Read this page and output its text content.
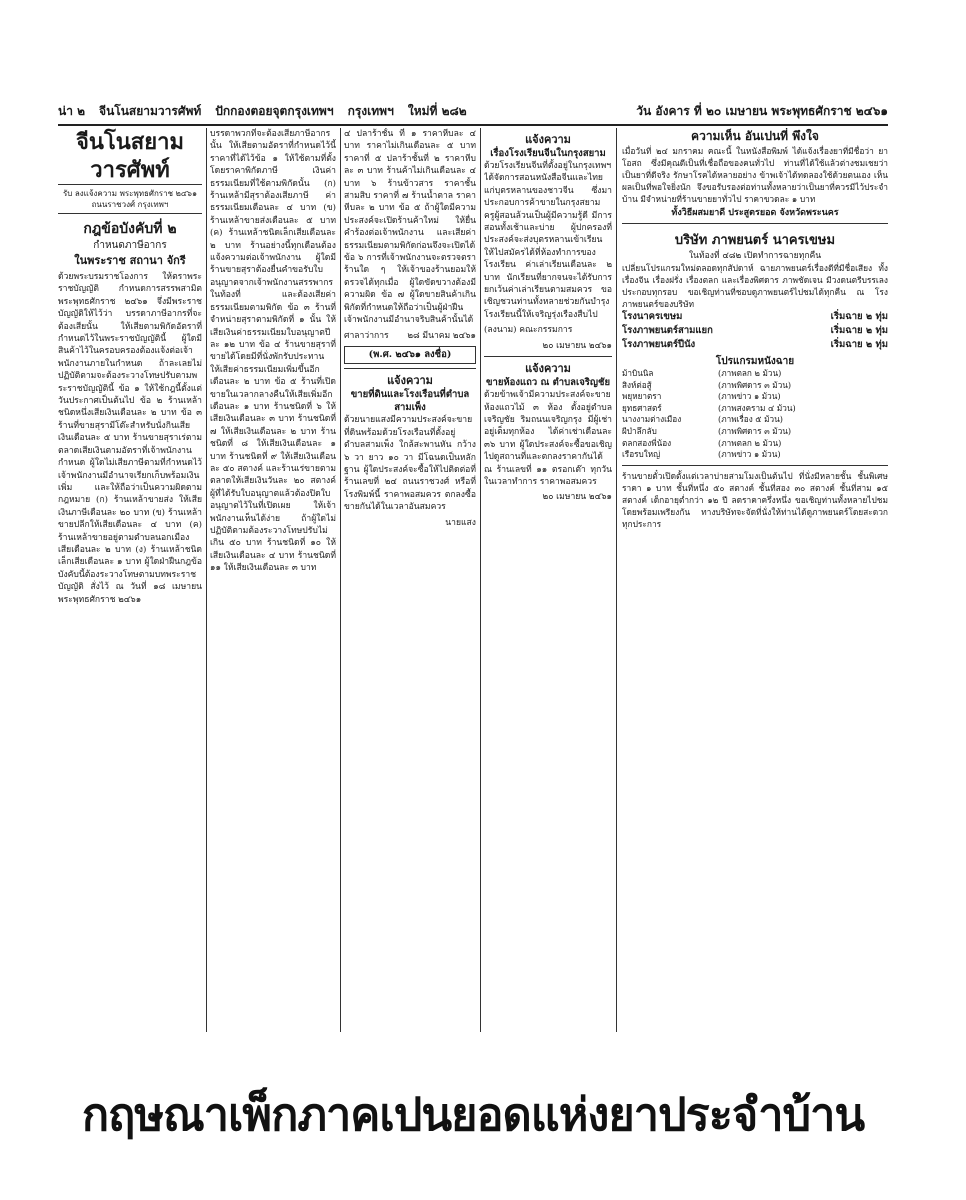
น่า ๒ จีนโนสยามวารศัพท์ ปักกองตอยจุตกรุงเทพฯ กรุงเทพฯ ใหม่ที่ ๒๘๒	วัน อังคาร ที่ ๒๐ เมษายน พระพุทธศักราช ๒๔๖๑
จีนโนสยามวารศัพท์
รับ ลงแจ้งความ พระพุทธศักราช ๒๔๖๑ ถนนราชวงศ์ กรุงเทพฯ
กฎข้อบังคับที่ ๒
กำหนดภาษีอากร
ในพระราช สถานา จักรี
ด้วยพระบรมราชโองการ ให้ตราพระราชบัญญัติ กำหนดการสรรพสามิต พระพุทธศักราช ๒๔๖๑ จึ่งมีพระราชบัญญัติให้ไว้ว่า บรรดาภาษีอากรที่จะต้องเสียนั้น ให้เสียตามพิกัดอัตราที่กำหนดไว้ในพระราชบัญญัตินี้ ผู้ใดมีสินค้าไว้ในครอบครองต้องแจ้งต่อเจ้าพนักงานภายในกำหนด ถ้าละเลยไม่ปฏิบัติตามจะต้องระวางโทษปรับตามพระราชบัญญัตินี้ ข้อ ๑ ให้ใช้กฎนี้ตั้งแต่วันประกาศเป็นต้นไป ข้อ ๒ ร้านเหล้าชนิดหนึ่งเสียเงินเดือนละ ๒ บาท ข้อ ๓ ร้านที่ขายสุรามีโต๊ะสำหรับนั่งกินเสียเงินเดือนละ ๕ บาท ร้านขายสุราเร่ตามตลาดเสียเงินตามอัตราที่เจ้าพนักงานกำหนด ผู้ใดไม่เสียภาษีตามที่กำหนดไว้ เจ้าพนักงานมีอำนาจเรียกเก็บพร้อมเงินเพิ่ม และให้ถือว่าเป็นความผิดตามกฎหมาย (ก) ร้านเหล้าขายส่ง ให้เสียเงินภาษีเดือนละ ๒๐ บาท (ข) ร้านเหล้าขายปลีกให้เสียเดือนละ ๔ บาท (ค) ร้านเหล้าขายอยู่ตามตำบลนอกเมืองเสียเดือนละ ๒ บาท (ง) ร้านเหล้าชนิดเล็กเสียเดือนละ ๑ บาท ผู้ใดฝ่าฝืนกฎข้อบังคับนี้ต้องระวางโทษตามบทพระราชบัญญัติ สั่งไว้ ณ วันที่ ๑๘ เมษายน พระพุทธศักราช ๒๔๖๑
บรรดาพวกที่จะต้องเสียภาษีอากรนั้น ให้เสียตามอัตราที่กำหนดไว้นี้ ราคาที่ได้ไว้ข้อ ๑ ให้ใช้ตามที่ตั้ง โดยราคาพิกัดภาษี เงินค่าธรรมเนียมที่ใช้ตามพิกัดนั้น (ก) ร้านเหล้ามีสุราต้องเสียภาษี ค่าธรรมเนียมเดือนละ ๔ บาท (ข) ร้านเหล้าขายส่งเดือนละ ๕ บาท (ค) ร้านเหล้าชนิดเล็กเสียเดือนละ ๒ บาท ร้านอย่างนี้ทุกเดือนต้องแจ้งความต่อเจ้าพนักงาน ผู้ใดมีร้านขายสุราต้องยื่นคำขอรับใบอนุญาตจากเจ้าพนักงานสรรพากรในท้องที่ และต้องเสียค่าธรรมเนียมตามพิกัด ข้อ ๓ ร้านที่จำหน่ายสุราตามพิกัดที่ ๑ นั้น ให้เสียเงินค่าธรรมเนียมใบอนุญาตปีละ ๑๒ บาท ข้อ ๔ ร้านขายสุราที่ขายได้โดยมีที่นั่งพักรับประทาน ให้เสียค่าธรรมเนียมเพิ่มขึ้นอีกเดือนละ ๒ บาท ข้อ ๕ ร้านที่เปิดขายในเวลากลางคืนให้เสียเพิ่มอีกเดือนละ ๑ บาท ร้านชนิดที่ ๖ ให้เสียเงินเดือนละ ๓ บาท ร้านชนิดที่ ๗ ให้เสียเงินเดือนละ ๒ บาท ร้านชนิดที่ ๘ ให้เสียเงินเดือนละ ๑ บาท ร้านชนิดที่ ๙ ให้เสียเงินเดือนละ ๕๐ สตางค์ และร้านเร่ขายตามตลาดให้เสียเงินวันละ ๒๐ สตางค์ ผู้ที่ได้รับใบอนุญาตแล้วต้องปิดใบอนุญาตไว้ในที่เปิดเผย ให้เจ้าพนักงานเห็นได้ง่าย ถ้าผู้ใดไม่ปฏิบัติตามต้องระวางโทษปรับไม่เกิน ๕๐ บาท ร้านชนิดที่ ๑๐ ให้เสียเงินเดือนละ ๔ บาท ร้านชนิดที่ ๑๑ ให้เสียเงินเดือนละ ๓ บาท
๔ ปลาร้าชั้น ที่ ๑ ราคาหีบละ ๔ บาท ราคาไม่เกินเดือนละ ๕ บาท ราคาที่ ๕ ปลาร้าชั้นที่ ๒ ราคาหีบละ ๓ บาท ร้านค้าไม่เกินเดือนละ ๔ บาท ๖ ร้านข้าวสาร ราคาชั้นสามสิบ ราคาที่ ๗ ร้านน้ำตาล ราคาหีบละ ๒ บาท ข้อ ๕ ถ้าผู้ใดมีความประสงค์จะเปิดร้านค้าใหม่ ให้ยื่นคำร้องต่อเจ้าพนักงาน และเสียค่าธรรมเนียมตามพิกัดก่อนจึงจะเปิดได้ ข้อ ๖ การที่เจ้าพนักงานจะตรวจตราร้านใด ๆ ให้เจ้าของร้านยอมให้ตรวจได้ทุกเมื่อ ผู้ใดขัดขวางต้องมีความผิด ข้อ ๗ ผู้ใดขายสินค้าเกินพิกัดที่กำหนดให้ถือว่าเป็นผู้ฝ่าฝืน เจ้าพนักงานมีอำนาจริบสินค้านั้นได้
ศาลาว่าการ ๒๘ มีนาคม ๒๔๖๑
(พ.ศ. ๒๔๖๑ ลงชื่อ)
แจ้งความ
ขายที่ดินและโรงเรือนที่ตำบลสามเพ็ง
ด้วยนายแสงมีความประสงค์จะขายที่ดินพร้อมด้วยโรงเรือนที่ตั้งอยู่ตำบลสามเพ็ง ใกล้สะพานหัน กว้าง ๖ วา ยาว ๑๐ วา มีโฉนดเป็นหลักฐาน ผู้ใดประสงค์จะซื้อให้ไปติดต่อที่ร้านเลขที่ ๒๔ ถนนราชวงศ์ หรือที่โรงพิมพ์นี้ ราคาพอสมควร ตกลงซื้อขายกันได้ในเวลาอันสมควร
นายแสง
แจ้งความ
เรื่องโรงเรียนจีนในกรุงสยาม
ด้วยโรงเรียนจีนที่ตั้งอยู่ในกรุงเทพฯ ได้จัดการสอนหนังสือจีนและไทยแก่บุตรหลานของชาวจีน ซึ่งมาประกอบการค้าขายในกรุงสยาม ครูผู้สอนล้วนเป็นผู้มีความรู้ดี มีการสอนทั้งเช้าและบ่าย ผู้ปกครองที่ประสงค์จะส่งบุตรหลานเข้าเรียนให้ไปสมัครได้ที่ห้องทำการของโรงเรียน ค่าเล่าเรียนเดือนละ ๒ บาท นักเรียนที่ยากจนจะได้รับการยกเว้นค่าเล่าเรียนตามสมควร ขอเชิญชวนท่านทั้งหลายช่วยกันบำรุงโรงเรียนนี้ให้เจริญรุ่งเรืองสืบไป
(ลงนาม) คณะกรรมการ
๒๐ เมษายน ๒๔๖๑
แจ้งความ
ขายห้องแถว ณ ตำบลเจริญชัย
ด้วยข้าพเจ้ามีความประสงค์จะขายห้องแถวไม้ ๓ ห้อง ตั้งอยู่ตำบลเจริญชัย ริมถนนเจริญกรุง มีผู้เช่าอยู่เต็มทุกห้อง ได้ค่าเช่าเดือนละ ๓๖ บาท ผู้ใดประสงค์จะซื้อขอเชิญไปดูสถานที่และตกลงราคากันได้ ณ ร้านเลขที่ ๑๑ ตรอกเต๊า ทุกวันในเวลาทำการ ราคาพอสมควร
๒๐ เมษายน ๒๔๖๑
ความเห็น อันเปนที่ พึงใจ
เมื่อวันที่ ๒๔ มกราคม คณะนี้ ในหนังสือพิมพ์ ได้แจ้งเรื่องยาที่มีชื่อว่า ยาโอสถ ซึ่งมีคุณดีเป็นที่เชื่อถือของคนทั่วไป ท่านที่ได้ใช้แล้วต่างชมเชยว่าเป็นยาที่ดีจริง รักษาโรคได้หลายอย่าง ข้าพเจ้าได้ทดลองใช้ด้วยตนเอง เห็นผลเป็นที่พอใจยิ่งนัก จึงขอรับรองต่อท่านทั้งหลายว่าเป็นยาที่ควรมีไว้ประจำบ้าน มีจำหน่ายที่ร้านขายยาทั่วไป ราคาขวดละ ๑ บาท
ทั้งวิธีผสมยาดี ประสูตรยอด จังหวัดพระนคร
บริษัท ภาพยนตร์ นาครเขษม
ในท้องที่ ๔๘๒ เปิดทำการฉายทุกคืน
เปลี่ยนโปรแกรมใหม่ตลอดทุกสัปดาห์ ฉายภาพยนตร์เรื่องดีที่มีชื่อเสียง ทั้งเรื่องจีน เรื่องฝรั่ง เรื่องตลก และเรื่องพิศดาร ภาพชัดเจน มีวงดนตรีบรรเลงประกอบทุกรอบ ขอเชิญท่านที่ชอบดูภาพยนตร์ไปชมได้ทุกคืน ณ โรงภาพยนตร์ของบริษัท
โรงนาครเขษม	เริ่มฉาย ๒ ทุ่ม
โรงภาพยนตร์สามแยก	เริ่มฉาย ๒ ทุ่ม
โรงภาพยนตร์ปีนัง	เริ่มฉาย ๒ ทุ่ม
โปรแกรมหนังฉาย
ม้าบินนิล	(ภาพตลก ๒ ม้วน)
สิงห์ต่อสู้	(ภาพพิศดาร ๓ ม้วน)
พยุหยาตรา	(ภาพข่าว ๑ ม้วน)
ยุทธศาสตร์	(ภาพสงคราม ๔ ม้วน)
นางงามต่างเมือง	(ภาพเรื่อง ๕ ม้วน)
ผีป่าลึกลับ	(ภาพพิศดาร ๓ ม้วน)
ตลกสองพี่น้อง	(ภาพตลก ๒ ม้วน)
เรือรบใหญ่	(ภาพข่าว ๑ ม้วน)
ร้านขายตั๋วเปิดตั้งแต่เวลาบ่ายสามโมงเป็นต้นไป ที่นั่งมีหลายชั้น ชั้นพิเศษราคา ๑ บาท ชั้นที่หนึ่ง ๕๐ สตางค์ ชั้นที่สอง ๓๐ สตางค์ ชั้นที่สาม ๑๕ สตางค์ เด็กอายุต่ำกว่า ๑๒ ปี ลดราคาครึ่งหนึ่ง ขอเชิญท่านทั้งหลายไปชมโดยพร้อมเพรียงกัน ทางบริษัทจะจัดที่นั่งให้ท่านได้ดูภาพยนตร์โดยสะดวกทุกประการ
กฤษณาเพ็กภาคเปนยอดแห่งยาประจำบ้าน
